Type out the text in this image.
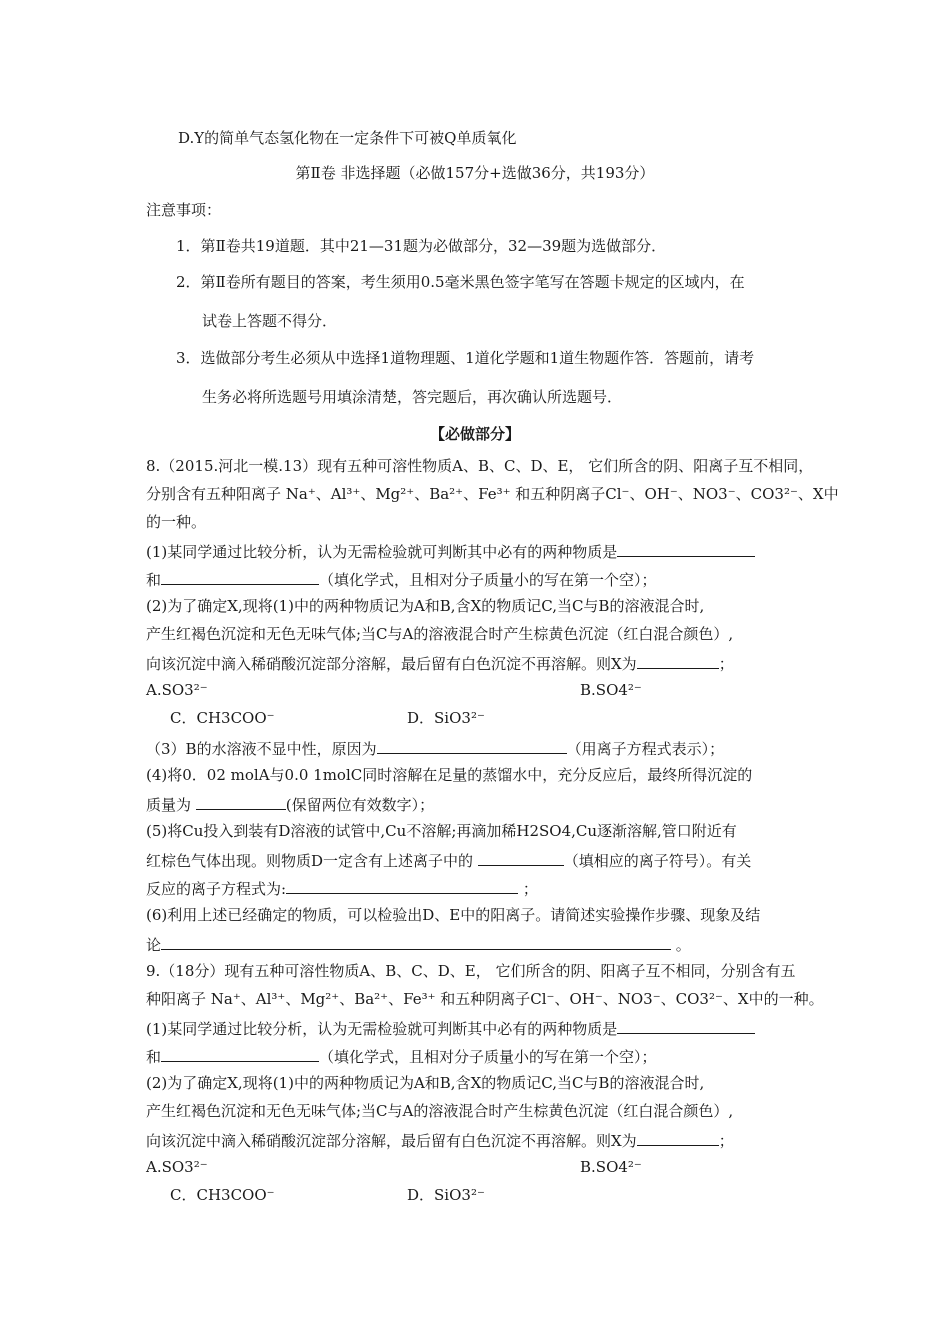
D.Y的简单气态氢化物在一定条件下可被Q单质氧化
第Ⅱ卷 非选择题（必做157分+选做36分，共193分）
注意事项：
1．第Ⅱ卷共19道题．其中21—31题为必做部分，32—39题为选做部分．
2．第Ⅱ卷所有题目的答案，考生须用0.5毫米黑色签字笔写在答题卡规定的区域内，在
试卷上答题不得分．
3．选做部分考生必须从中选择1道物理题、1道化学题和1道生物题作答．答题前，请考
生务必将所选题号用填涂清楚，答完题后，再次确认所选题号．
【必做部分】
8.（2015.河北一模.13）现有五种可溶性物质A、B、C、D、E， 它们所含的阴、阳离子互不相同，
分别含有五种阳离子 Na⁺、Al³⁺、Mg²⁺、Ba²⁺、Fe³⁺ 和五种阴离子Cl⁻、OH⁻、NO3⁻、CO3²⁻、X中
的一种。
(1)某同学通过比较分析，认为无需检验就可判断其中必有的两种物质是
和	（填化学式，且相对分子质量小的写在第一个空）；
(2)为了确定X,现将(1)中的两种物质记为A和B,含X的物质记C,当C与B的溶液混合时,
产生红褐色沉淀和无色无味气体;当C与A的溶液混合时产生棕黄色沉淀（红白混合颜色）,
向该沉淀中滴入稀硝酸沉淀部分溶解，最后留有白色沉淀不再溶解。则X为	；
A.SO3²⁻	B.SO4²⁻
C．CH3COO⁻	D．SiO3²⁻
（3）B的水溶液不显中性，原因为	（用离子方程式表示）；
(4)将0．02 molA与0.0 1molC同时溶解在足量的蒸馏水中，充分反应后，最终所得沉淀的
质量为	(保留两位有效数字）；
(5)将Cu投入到装有D溶液的试管中,Cu不溶解;再滴加稀H2SO4,Cu逐渐溶解,管口附近有
红棕色气体出现。则物质D一定含有上述离子中的	（填相应的离子符号）。有关
反应的离子方程式为:	；
(6)利用上述已经确定的物质，可以检验出D、E中的阳离子。请简述实验操作步骤、现象及结
论	。
9.（18分）现有五种可溶性物质A、B、C、D、E， 它们所含的阴、阳离子互不相同，分别含有五
种阳离子 Na⁺、Al³⁺、Mg²⁺、Ba²⁺、Fe³⁺ 和五种阴离子Cl⁻、OH⁻、NO3⁻、CO3²⁻、X中的一种。
(1)某同学通过比较分析，认为无需检验就可判断其中必有的两种物质是
和	（填化学式，且相对分子质量小的写在第一个空）；
(2)为了确定X,现将(1)中的两种物质记为A和B,含X的物质记C,当C与B的溶液混合时,
产生红褐色沉淀和无色无味气体;当C与A的溶液混合时产生棕黄色沉淀（红白混合颜色）,
向该沉淀中滴入稀硝酸沉淀部分溶解，最后留有白色沉淀不再溶解。则X为	；
A.SO3²⁻	B.SO4²⁻
C．CH3COO⁻	D．SiO3²⁻
